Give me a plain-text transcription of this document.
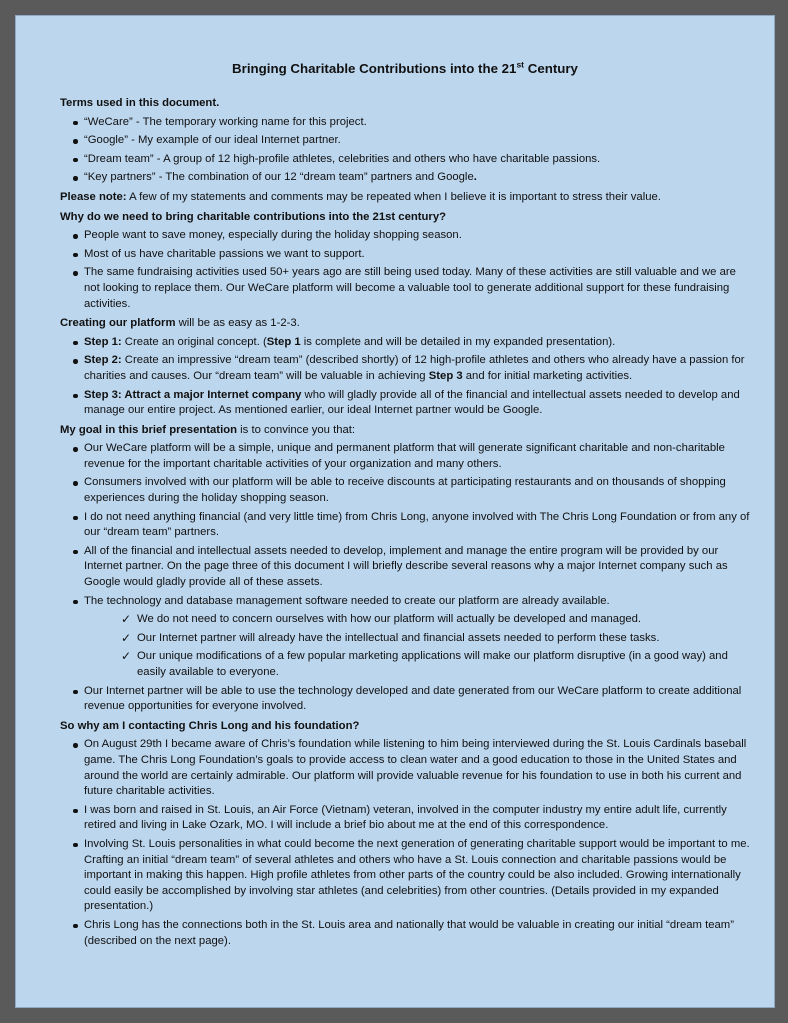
Bringing Charitable Contributions into the 21st Century

Terms used in this document.

“WeCare” - The temporary working name for this project.
“Google” - My example of our ideal Internet partner.
“Dream team” - A group of 12 high-profile athletes, celebrities and others who have charitable passions.
“Key partners” - The combination of our 12 “dream team” partners and Google.

Please note: A few of my statements and comments may be repeated when I believe it is important to stress their value.

Why do we need to bring charitable contributions into the 21st century?

People want to save money, especially during the holiday shopping season.
Most of us have charitable passions we want to support.
The same fundraising activities used 50+ years ago are still being used today. Many of these activities are still valuable and we are not looking to replace them. Our WeCare platform will become a valuable tool to generate additional support for these fundraising activities.

Creating our platform will be as easy as 1-2-3.

Step 1: Create an original concept. (Step 1 is complete and will be detailed in my expanded presentation).
Step 2: Create an impressive “dream team” (described shortly) of 12 high-profile athletes and others who already have a passion for charities and causes. Our “dream team” will be valuable in achieving Step 3 and for initial marketing activities.
Step 3: Attract a major Internet company who will gladly provide all of the financial and intellectual assets needed to develop and manage our entire project. As mentioned earlier, our ideal Internet partner would be Google.

My goal in this brief presentation is to convince you that:

Our WeCare platform will be a simple, unique and permanent platform that will generate significant charitable and non-charitable revenue for the important charitable activities of your organization and many others.
Consumers involved with our platform will be able to receive discounts at participating restaurants and on thousands of shopping experiences during the holiday shopping season.
I do not need anything financial (and very little time) from Chris Long, anyone involved with The Chris Long Foundation or from any of our “dream team” partners.
All of the financial and intellectual assets needed to develop, implement and manage the entire program will be provided by our Internet partner. On the page three of this document I will briefly describe several reasons why a major Internet company such as Google would gladly provide all of these assets.
The technology and database management software needed to create our platform are already available.
✓ We do not need to concern ourselves with how our platform will actually be developed and managed.
✓ Our Internet partner will already have the intellectual and financial assets needed to perform these tasks.
✓ Our unique modifications of a few popular marketing applications will make our platform disruptive (in a good way) and easily available to everyone.
Our Internet partner will be able to use the technology developed and date generated from our WeCare platform to create additional revenue opportunities for everyone involved.

So why am I contacting Chris Long and his foundation?

On August 29th I became aware of Chris’s foundation while listening to him being interviewed during the St. Louis Cardinals baseball game. The Chris Long Foundation’s goals to provide access to clean water and a good education to those in the United States and around the world are certainly admirable. Our platform will provide valuable revenue for his foundation to use in both his current and future charitable activities.
I was born and raised in St. Louis, an Air Force (Vietnam) veteran, involved in the computer industry my entire adult life, currently retired and living in Lake Ozark, MO. I will include a brief bio about me at the end of this correspondence.
Involving St. Louis personalities in what could become the next generation of generating charitable support would be important to me. Crafting an initial “dream team” of several athletes and others who have a St. Louis connection and charitable passions would be important in making this happen. High profile athletes from other parts of the country could be also included. Growing internationally could easily be accomplished by involving star athletes (and celebrities) from other countries. (Details provided in my expanded presentation.)
Chris Long has the connections both in the St. Louis area and nationally that would be valuable in creating our initial “dream team” (described on the next page).
